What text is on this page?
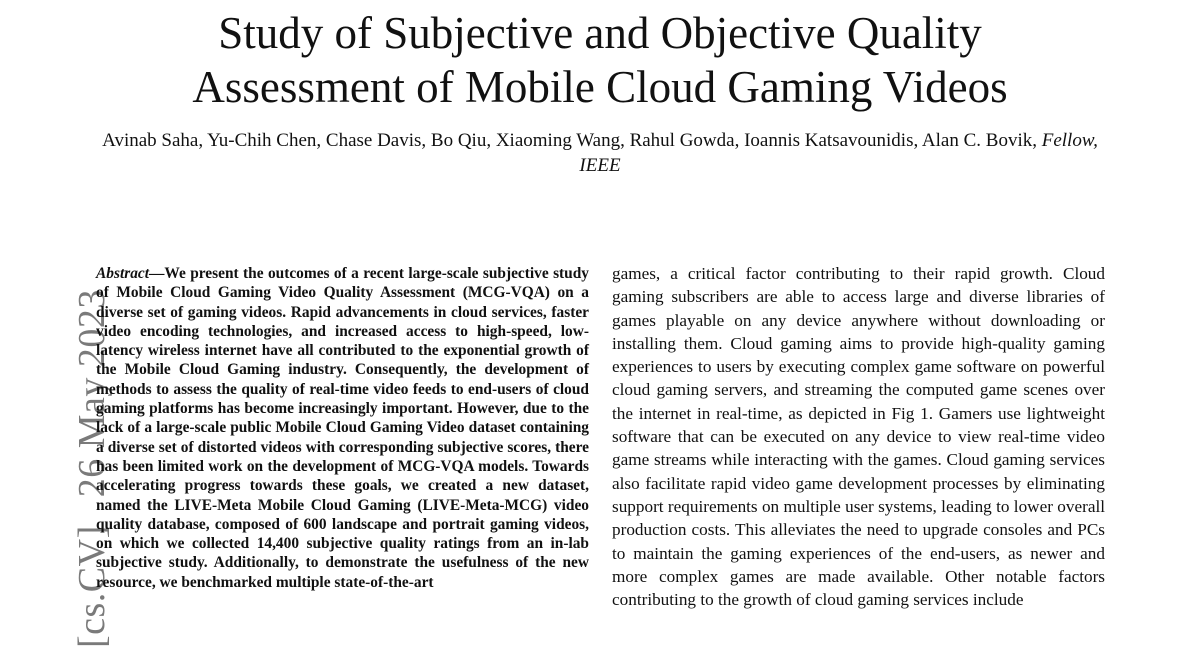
Study of Subjective and Objective Quality
Assessment of Mobile Cloud Gaming Videos
Avinab Saha, Yu-Chih Chen, Chase Davis, Bo Qiu, Xiaoming Wang, Rahul Gowda, Ioannis Katsavounidis, Alan C. Bovik, Fellow, IEEE
[cs.CV]26 May 2023

Abstract—We present the outcomes of a recent large-scale subjective study of Mobile Cloud Gaming Video Quality Assessment (MCG-VQA) on a diverse set of gaming videos. Rapid advancements in cloud services, faster video encoding technologies, and increased access to high-speed, low-latency wireless internet have all contributed to the exponential growth of the Mobile Cloud Gaming industry. Consequently, the development of methods to assess the quality of real-time video feeds to end-users of cloud gaming platforms has become increasingly important. However, due to the lack of a large-scale public Mobile Cloud Gaming Video dataset containing a diverse set of distorted videos with corresponding subjective scores, there has been limited work on the development of MCG-VQA models. Towards accelerating progress towards these goals, we created a new dataset, named the LIVE-Meta Mobile Cloud Gaming (LIVE-Meta-MCG) video quality database, composed of 600 landscape and portrait gaming videos, on which we collected 14,400 subjective quality ratings from an in-lab subjective study. Additionally, to demonstrate the usefulness of the new resource, we benchmarked multiple state-of-the-art

games, a critical factor contributing to their rapid growth. Cloud gaming subscribers are able to access large and diverse libraries of games playable on any device anywhere without downloading or installing them. Cloud gaming aims to provide high-quality gaming experiences to users by executing complex game software on powerful cloud gaming servers, and streaming the computed game scenes over the internet in real-time, as depicted in Fig 1. Gamers use lightweight software that can be executed on any device to view real-time video game streams while interacting with the games. Cloud gaming services also facilitate rapid video game development processes by eliminating support requirements on multiple user systems, leading to lower overall production costs. This alleviates the need to upgrade consoles and PCs to maintain the gaming experiences of the end-users, as newer and more complex games are made available. Other notable factors contributing to the growth of cloud gaming services include
